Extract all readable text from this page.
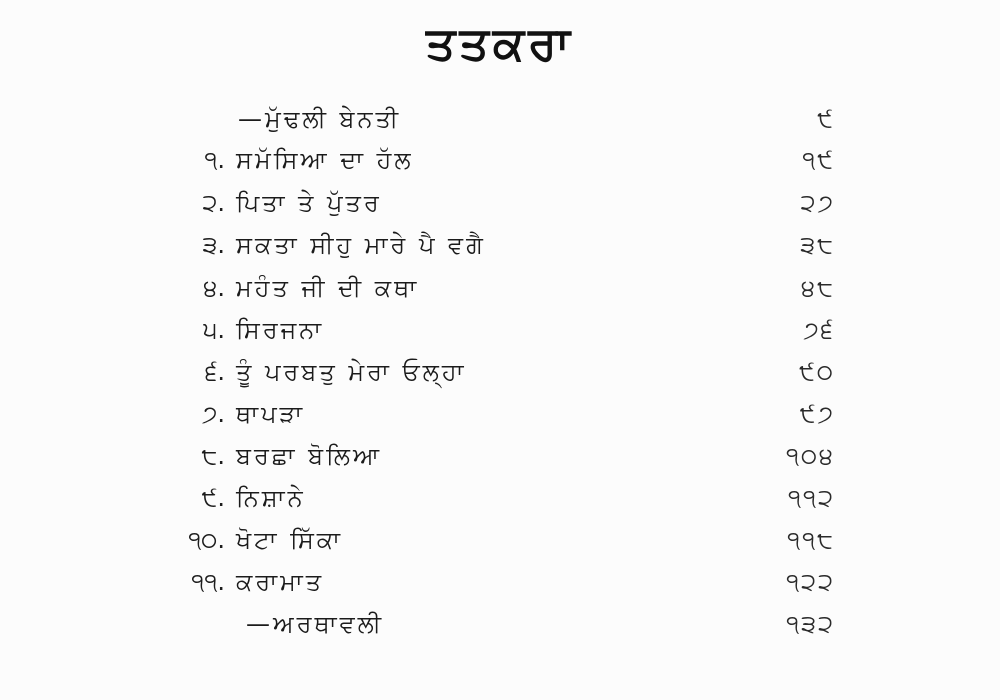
ਤਤਕਰਾ
—ਮੁੱਢਲੀ ਬੇਨਤੀ	੯
੧. ਸਮੱਸਿਆ ਦਾ ਹੱਲ	੧੯
੨. ਪਿਤਾ ਤੇ ਪੁੱਤਰ	੨੭
੩. ਸਕਤਾ ਸੀਹੁ ਮਾਰੇ ਪੈ ਵਗੈ	੩੮
੪. ਮਹੰਤ ਜੀ ਦੀ ਕਥਾ	੪੮
੫. ਸਿਰਜਨਾ	੭੬
੬. ਤੂੰ ਪਰਬਤੁ ਮੇਰਾ ਓਲ੍ਹਾ	੯੦
੭. ਥਾਪੜਾ	੯੭
੮. ਬਰਛਾ ਬੋਲਿਆ	੧੦੪
੯. ਨਿਸ਼ਾਨੇ	੧੧੨
੧੦. ਖੋਟਾ ਸਿੱਕਾ	੧੧੮
੧੧. ਕਰਾਮਾਤ	੧੨੨
—ਅਰਥਾਵਲੀ	੧੩੨
